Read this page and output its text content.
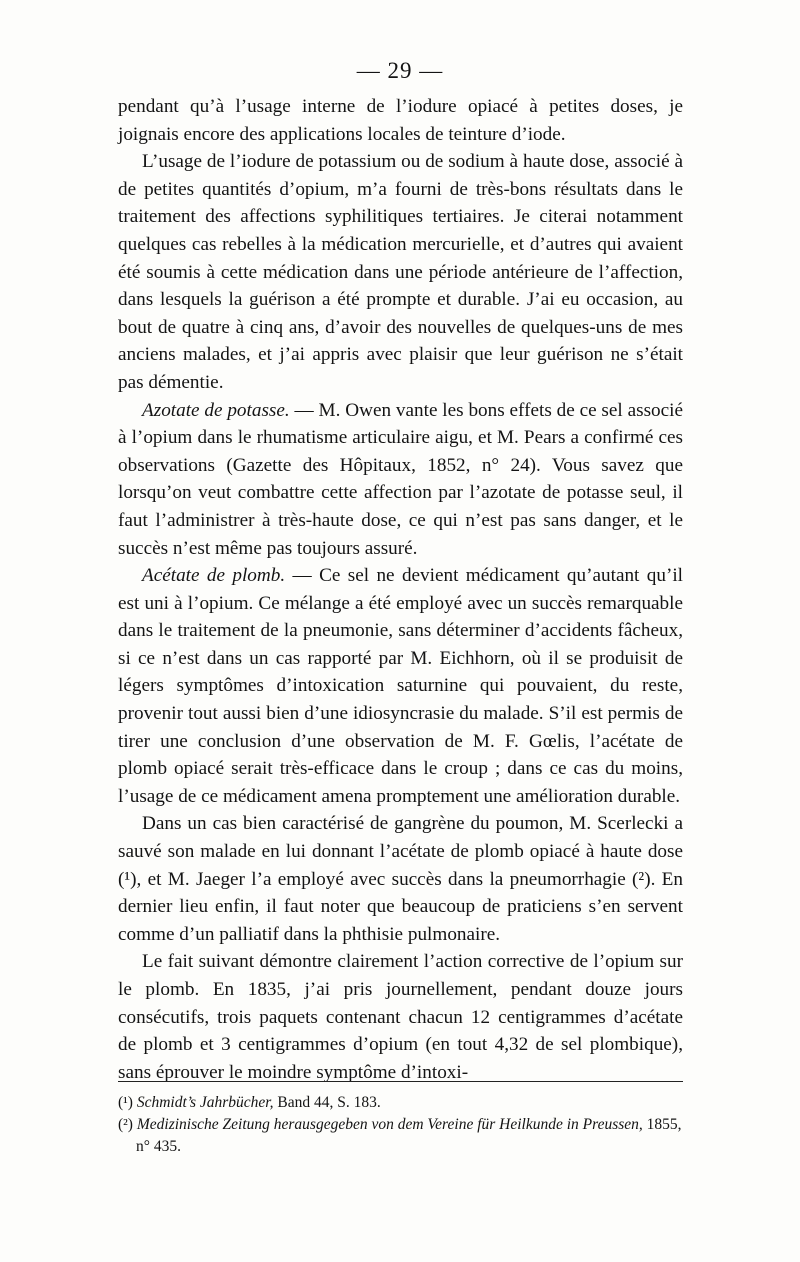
— 29 —

pendant qu’à l’usage interne de l’iodure opiacé à petites doses, je joignais encore des applications locales de teinture d’iode.

L’usage de l’iodure de potassium ou de sodium à haute dose, associé à de petites quantités d’opium, m’a fourni de très-bons résultats dans le traitement des affections syphilitiques tertiaires. Je citerai notamment quelques cas rebelles à la médication mercurielle, et d’autres qui avaient été soumis à cette médication dans une période antérieure de l’affection, dans lesquels la guérison a été prompte et durable. J’ai eu occasion, au bout de quatre à cinq ans, d’avoir des nouvelles de quelques-uns de mes anciens malades, et j’ai appris avec plaisir que leur guérison ne s’était pas démentie.

Azotate de potasse. — M. Owen vante les bons effets de ce sel associé à l’opium dans le rhumatisme articulaire aigu, et M. Pears a confirmé ces observations (Gazette des Hôpitaux, 1852, n° 24). Vous savez que lorsqu’on veut combattre cette affection par l’azotate de potasse seul, il faut l’administrer à très-haute dose, ce qui n’est pas sans danger, et le succès n’est même pas toujours assuré.

Acétate de plomb. — Ce sel ne devient médicament qu’autant qu’il est uni à l’opium. Ce mélange a été employé avec un succès remarquable dans le traitement de la pneumonie, sans déterminer d’accidents fâcheux, si ce n’est dans un cas rapporté par M. Eichhorn, où il se produisit de légers symptômes d’intoxication saturnine qui pouvaient, du reste, provenir tout aussi bien d’une idiosyncrasie du malade. S’il est permis de tirer une conclusion d’une observation de M. F. Gœlis, l’acétate de plomb opiacé serait très-efficace dans le croup ; dans ce cas du moins, l’usage de ce médicament amena promptement une amélioration durable.

Dans un cas bien caractérisé de gangrène du poumon, M. Scerlecki a sauvé son malade en lui donnant l’acétate de plomb opiacé à haute dose (¹), et M. Jaeger l’a employé avec succès dans la pneumorrhagie (²). En dernier lieu enfin, il faut noter que beaucoup de praticiens s’en servent comme d’un palliatif dans la phthisie pulmonaire.

Le fait suivant démontre clairement l’action corrective de l’opium sur le plomb. En 1835, j’ai pris journellement, pendant douze jours consécutifs, trois paquets contenant chacun 12 centigrammes d’acétate de plomb et 3 centigrammes d’opium (en tout 4,32 de sel plombique), sans éprouver le moindre symptôme d’intoxi-

(¹) Schmidt’s Jahrbücher, Band 44, S. 183.

(²) Medizinische Zeitung herausgegeben von dem Vereine für Heilkunde in Preussen, 1855, n° 435.
